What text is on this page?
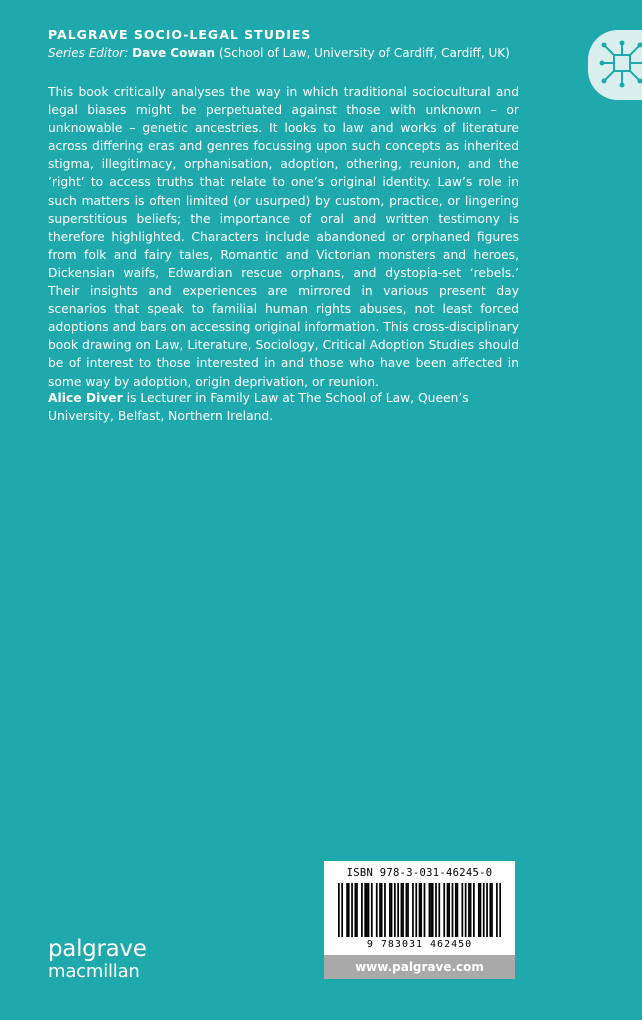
PALGRAVE SOCIO-LEGAL STUDIES
Series Editor: Dave Cowan (School of Law, University of Cardiff, Cardiff, UK)

This book critically analyses the way in which traditional sociocultural and legal biases might be perpetuated against those with unknown – or unknowable – genetic ancestries. It looks to law and works of literature across differing eras and genres focussing upon such concepts as inherited stigma, illegitimacy, orphanisation, adoption, othering, reunion, and the ‘right’ to access truths that relate to one’s original identity. Law’s role in such matters is often limited (or usurped) by custom, practice, or lingering superstitious beliefs; the importance of oral and written testimony is therefore highlighted. Characters include abandoned or orphaned figures from folk and fairy tales, Romantic and Victorian monsters and heroes, Dickensian waifs, Edwardian rescue orphans, and dystopia-set ‘rebels.’ Their insights and experiences are mirrored in various present day scenarios that speak to familial human rights abuses, not least forced adoptions and bars on accessing original information. This cross-disciplinary book drawing on Law, Literature, Sociology, Critical Adoption Studies should be of interest to those interested in and those who have been affected in some way by adoption, origin deprivation, or reunion.

Alice Diver is Lecturer in Family Law at The School of Law, Queen’s University, Belfast, Northern Ireland.

ISBN 978-3-031-46245-0
9 783031 462450
www.palgrave.com
palgrave
macmillan
